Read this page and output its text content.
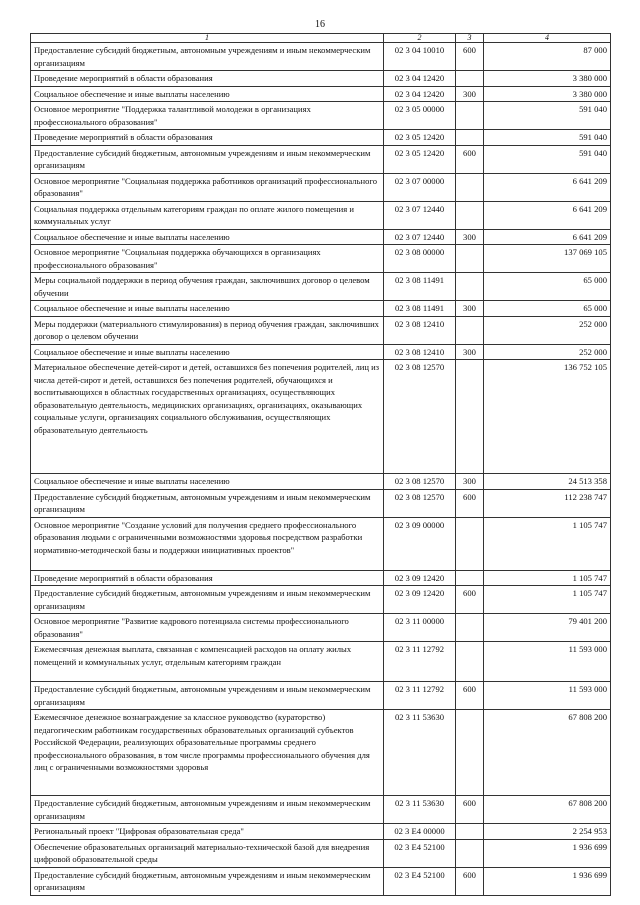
16
1	2	3	4
Предоставление субсидий бюджетным, автономным учреждениям и иным некоммерческим организациям	02 3 04 10010	600	87 000
Проведение мероприятий в области образования	02 3 04 12420		3 380 000
Социальное обеспечение и иные выплаты населению	02 3 04 12420	300	3 380 000
Основное мероприятие "Поддержка талантливой молодежи в организациях профессионального образования"	02 3 05 00000		591 040
Проведение мероприятий в области образования	02 3 05 12420		591 040
Предоставление субсидий бюджетным, автономным учреждениям и иным некоммерческим организациям	02 3 05 12420	600	591 040
Основное мероприятие "Социальная поддержка работников организаций профессионального образования"	02 3 07 00000		6 641 209
Социальная поддержка отдельным категориям граждан по оплате жилого помещения и коммунальных услуг	02 3 07 12440		6 641 209
Социальное обеспечение и иные выплаты населению	02 3 07 12440	300	6 641 209
Основное мероприятие "Социальная поддержка обучающихся в организациях профессионального образования"	02 3 08 00000		137 069 105
Меры социальной поддержки в период обучения граждан, заключивших договор о целевом обучении	02 3 08 11491		65 000
Социальное обеспечение и иные выплаты населению	02 3 08 11491	300	65 000
Меры поддержки (материального стимулирования) в период обучения граждан, заключивших договор о целевом обучении	02 3 08 12410		252 000
Социальное обеспечение и иные выплаты населению	02 3 08 12410	300	252 000
Материальное обеспечение детей-сирот и детей, оставшихся без попечения родителей, лиц из числа детей-сирот и детей, оставшихся без попечения родителей, обучающихся и воспитывающихся в областных государственных организациях, осуществляющих образовательную деятельность, медицинских организациях, организациях, оказывающих социальные услуги, организациях социального обслуживания, осуществляющих образовательную деятельность	02 3 08 12570		136 752 105
Социальное обеспечение и иные выплаты населению	02 3 08 12570	300	24 513 358
Предоставление субсидий бюджетным, автономным учреждениям и иным некоммерческим организациям	02 3 08 12570	600	112 238 747
Основное мероприятие "Создание условий для получения среднего профессионального образования людьми с ограниченными возможностями здоровья посредством разработки нормативно-методической базы и поддержки инициативных проектов"	02 3 09 00000		1 105 747
Проведение мероприятий в области образования	02 3 09 12420		1 105 747
Предоставление субсидий бюджетным, автономным учреждениям и иным некоммерческим организациям	02 3 09 12420	600	1 105 747
Основное мероприятие "Развитие кадрового потенциала системы профессионального образования"	02 3 11 00000		79 401 200
Ежемесячная денежная выплата, связанная с компенсацией расходов на оплату жилых помещений и коммунальных услуг, отдельным категориям граждан	02 3 11 12792		11 593 000
Предоставление субсидий бюджетным, автономным учреждениям и иным некоммерческим организациям	02 3 11 12792	600	11 593 000
Ежемесячное денежное вознаграждение за классное руководство (кураторство) педагогическим работникам государственных образовательных организаций субъектов Российской Федерации, реализующих образовательные программы среднего профессионального образования, в том числе программы профессионального обучения для лиц с ограниченными возможностями здоровья	02 3 11 53630		67 808 200
Предоставление субсидий бюджетным, автономным учреждениям и иным некоммерческим организациям	02 3 11 53630	600	67 808 200
Региональный проект "Цифровая образовательная среда"	02 3 E4 00000		2 254 953
Обеспечение образовательных организаций материально-технической базой для внедрения цифровой образовательной среды	02 3 E4 52100		1 936 699
Предоставление субсидий бюджетным, автономным учреждениям и иным некоммерческим организациям	02 3 E4 52100	600	1 936 699
